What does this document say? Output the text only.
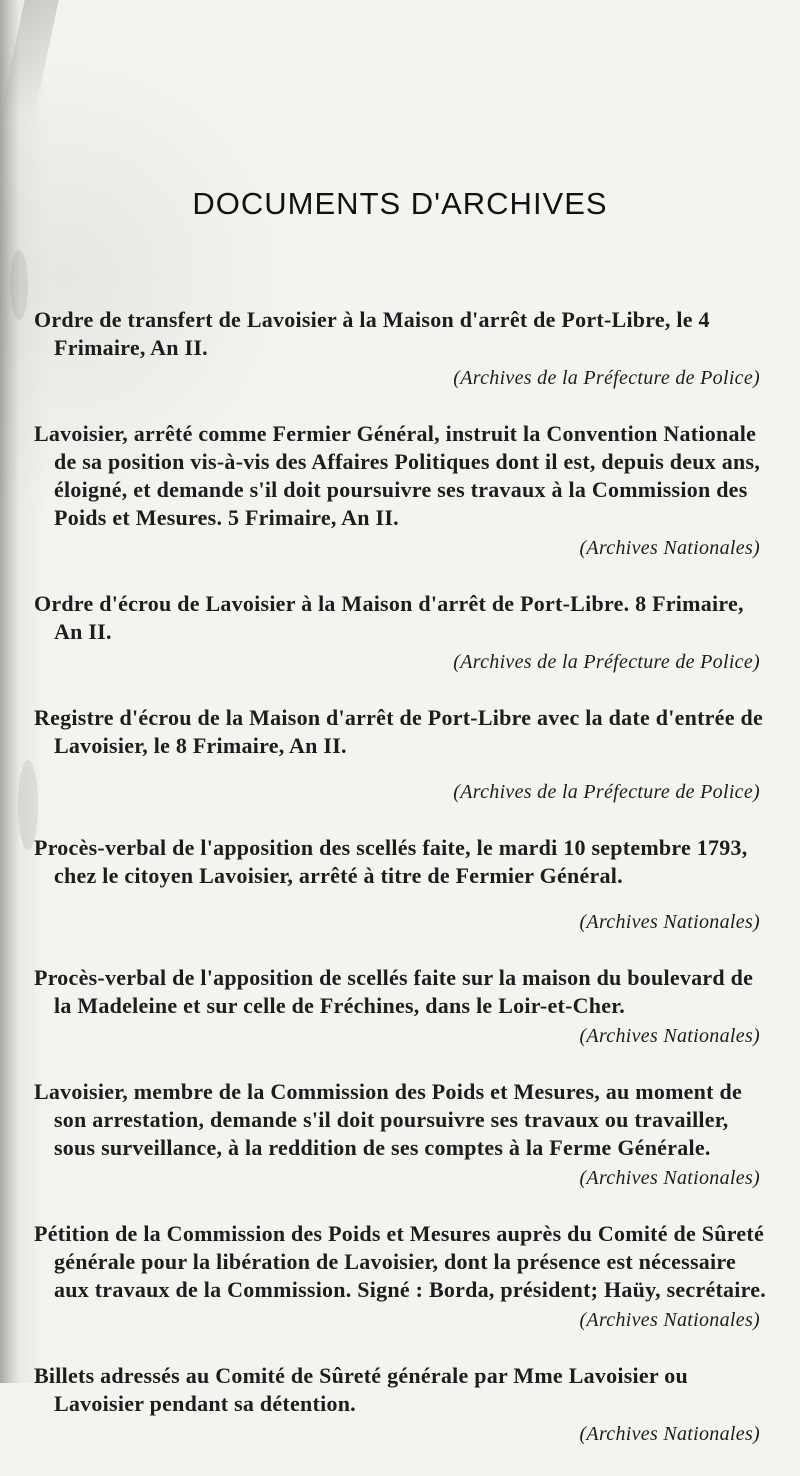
DOCUMENTS D'ARCHIVES
Ordre de transfert de Lavoisier à la Maison d'arrêt de Port-Libre, le 4 Frimaire, An II.
(Archives de la Préfecture de Police)
Lavoisier, arrêté comme Fermier Général, instruit la Convention Nationale de sa position vis-à-vis des Affaires Politiques dont il est, depuis deux ans, éloigné, et demande s'il doit poursuivre ses travaux à la Commission des Poids et Mesures. 5 Frimaire, An II.
(Archives Nationales)
Ordre d'écrou de Lavoisier à la Maison d'arrêt de Port-Libre. 8 Frimaire, An II.
(Archives de la Préfecture de Police)
Registre d'écrou de la Maison d'arrêt de Port-Libre avec la date d'entrée de Lavoisier, le 8 Frimaire, An II.
(Archives de la Préfecture de Police)
Procès-verbal de l'apposition des scellés faite, le mardi 10 septembre 1793, chez le citoyen Lavoisier, arrêté à titre de Fermier Général.
(Archives Nationales)
Procès-verbal de l'apposition de scellés faite sur la maison du boulevard de la Madeleine et sur celle de Fréchines, dans le Loir-et-Cher.
(Archives Nationales)
Lavoisier, membre de la Commission des Poids et Mesures, au moment de son arrestation, demande s'il doit poursuivre ses travaux ou travailler, sous surveillance, à la reddition de ses comptes à la Ferme Générale.
(Archives Nationales)
Pétition de la Commission des Poids et Mesures auprès du Comité de Sûreté générale pour la libération de Lavoisier, dont la présence est nécessaire aux travaux de la Commission. Signé : Borda, président; Haüy, secrétaire.
(Archives Nationales)
Billets adressés au Comité de Sûreté générale par Mme Lavoisier ou Lavoisier pendant sa détention.
(Archives Nationales)
